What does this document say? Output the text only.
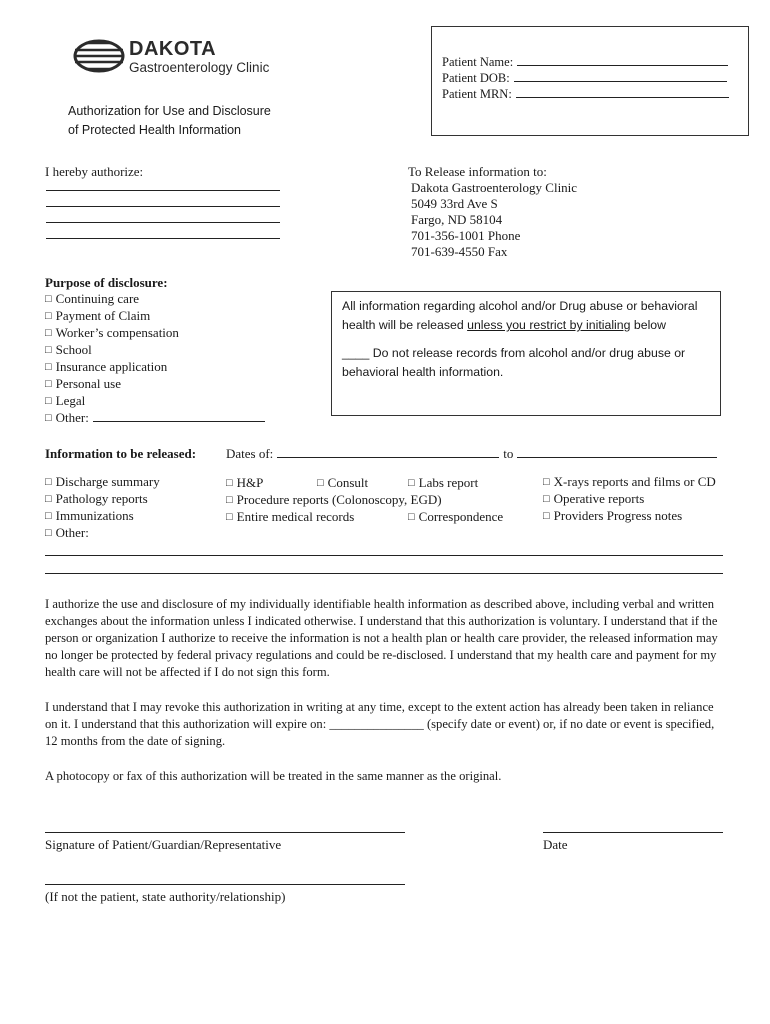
DAKOTA
Gastroenterology Clinic
Authorization for Use and Disclosure
of Protected Health Information
Patient Name:
Patient DOB:
Patient MRN:
I hereby authorize:	To Release information to:
Dakota Gastroenterology Clinic
5049 33rd Ave S
Fargo, ND 58104
701-356-1001 Phone
701-639-4550 Fax
Purpose of disclosure:
□ Continuing care
□ Payment of Claim
□ Worker’s compensation
□ School
□ Insurance application
□ Personal use
□ Legal
□ Other:
All information regarding alcohol and/or Drug abuse or behavioral health will be released unless you restrict by initialing below
____ Do not release records from alcohol and/or drug abuse or behavioral health information.
Information to be released: Dates of:	to
□ Discharge summary
□ Pathology reports
□ Immunizations
□ Other:
□ H&P	□ Consult	□ Labs report
□ Procedure reports (Colonoscopy, EGD)
□ Entire medical records	□ Correspondence
□ X-rays reports and films or CD
□ Operative reports
□ Providers Progress notes
I authorize the use and disclosure of my individually identifiable health information as described above, including verbal and written exchanges about the information unless I indicated otherwise. I understand that this authorization is voluntary. I understand that if the person or organization I authorize to receive the information is not a health plan or health care provider, the released information may no longer be protected by federal privacy regulations and could be re-disclosed. I understand that my health care and payment for my health care will not be affected if I do not sign this form.
I understand that I may revoke this authorization in writing at any time, except to the extent action has already been taken in reliance on it. I understand that this authorization will expire on: _______________ (specify date or event) or, if no date or event is specified, 12 months from the date of signing.
A photocopy or fax of this authorization will be treated in the same manner as the original.
Signature of Patient/Guardian/Representative	Date
(If not the patient, state authority/relationship)
